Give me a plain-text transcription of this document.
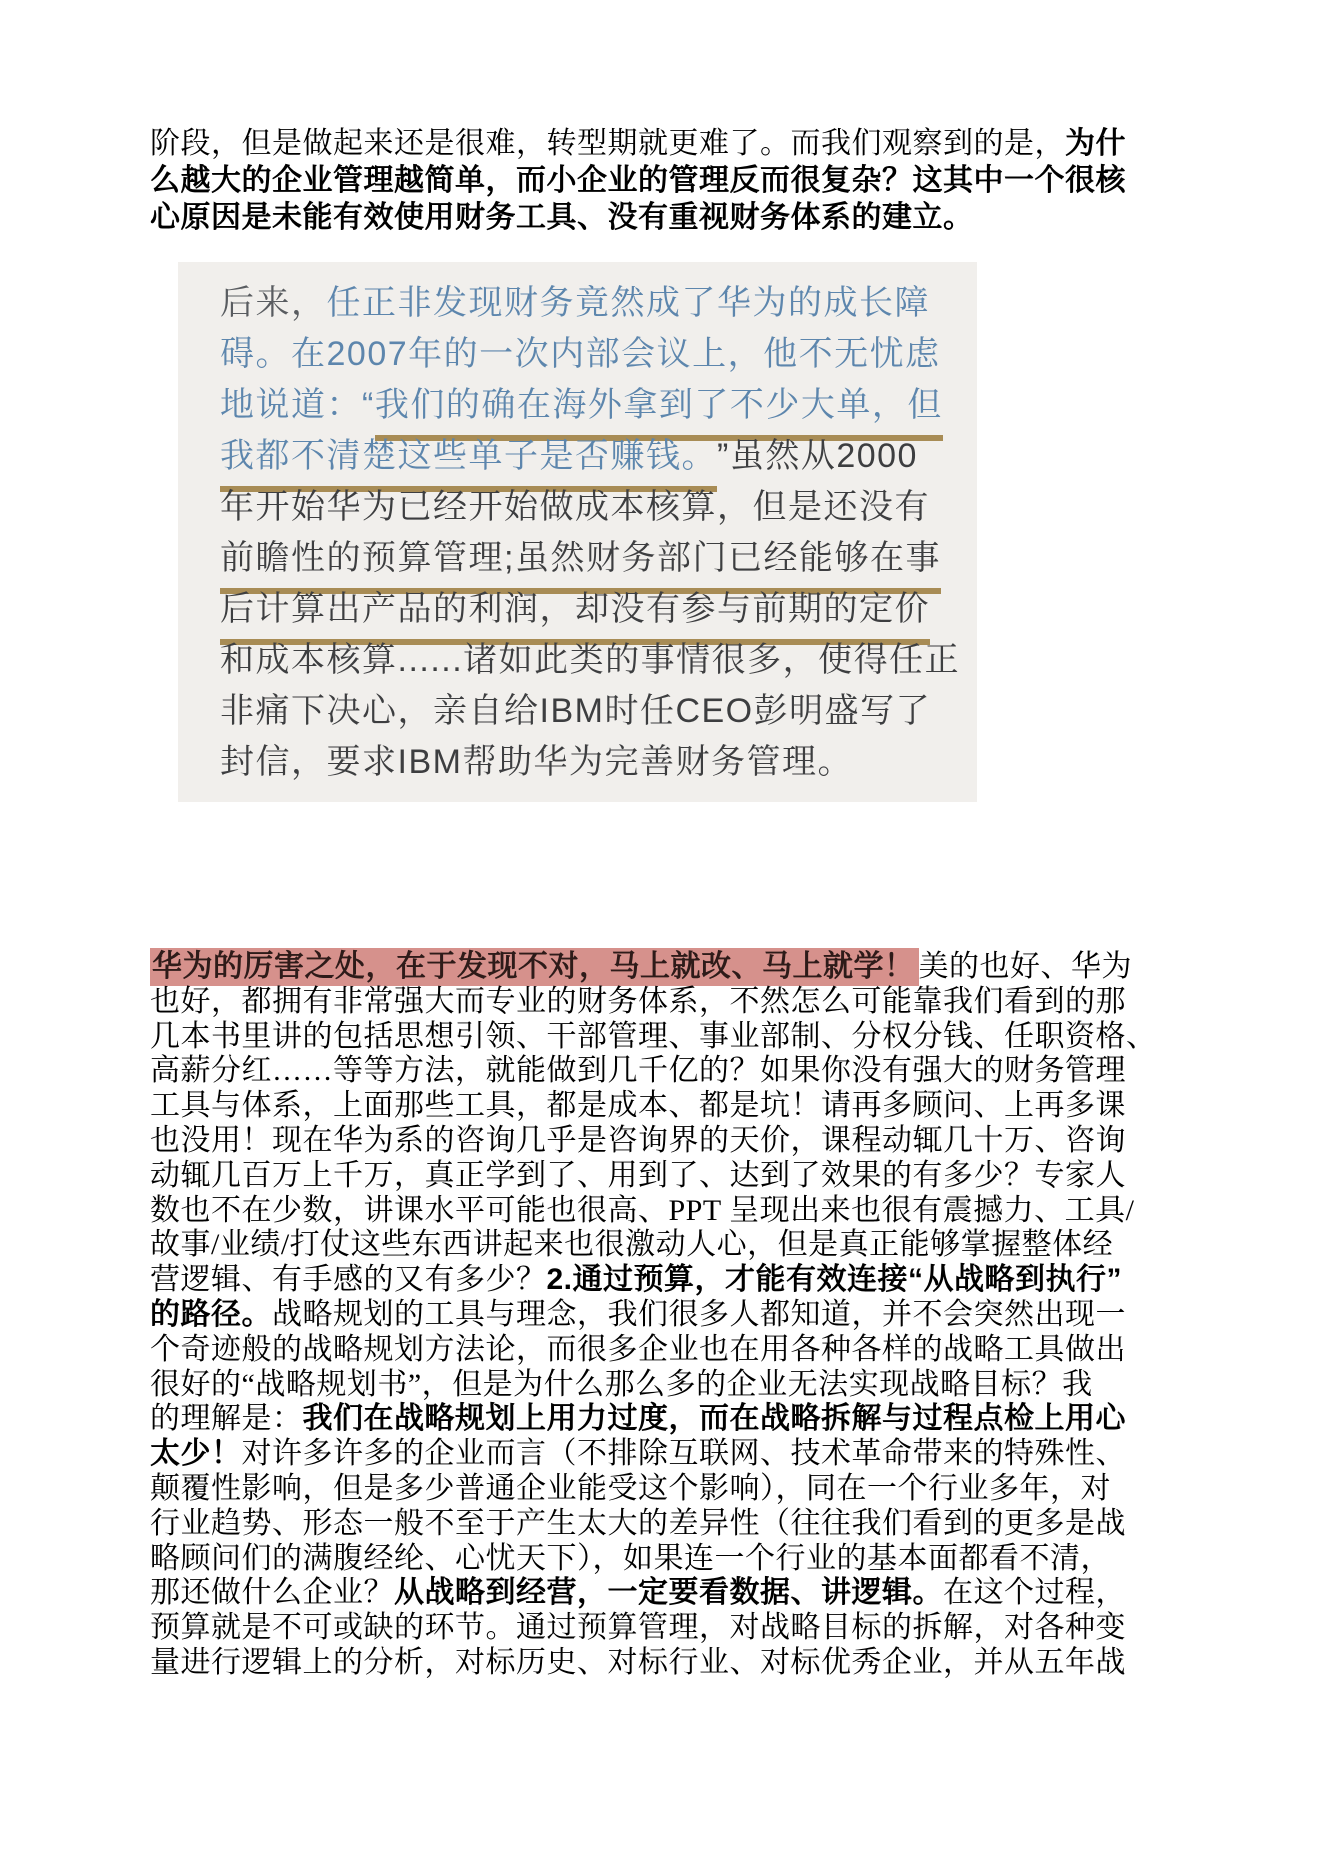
阶段，但是做起来还是很难，转型期就更难了。而我们观察到的是，为什
么越大的企业管理越简单，而小企业的管理反而很复杂？这其中一个很核
心原因是未能有效使用财务工具、没有重视财务体系的建立。
后来，任正非发现财务竟然成了华为的成长障
碍。在2007年的一次内部会议上，他不无忧虑
地说道：“我们的确在海外拿到了不少大单，但
我都不清楚这些单子是否赚钱。”虽然从2000
年开始华为已经开始做成本核算，但是还没有
前瞻性的预算管理;虽然财务部门已经能够在事
后计算出产品的利润，却没有参与前期的定价
和成本核算......诸如此类的事情很多，使得任正
非痛下决心，亲自给IBM时任CEO彭明盛写了
封信，要求IBM帮助华为完善财务管理。
华为的厉害之处，在于发现不对，马上就改、马上就学！ 美的也好、华为
也好，都拥有非常强大而专业的财务体系，不然怎么可能靠我们看到的那
几本书里讲的包括思想引领、干部管理、事业部制、分权分钱、任职资格、
高薪分红……等等方法，就能做到几千亿的？如果你没有强大的财务管理
工具与体系，上面那些工具，都是成本、都是坑！请再多顾问、上再多课
也没用！现在华为系的咨询几乎是咨询界的天价，课程动辄几十万、咨询
动辄几百万上千万，真正学到了、用到了、达到了效果的有多少？专家人
数也不在少数，讲课水平可能也很高、PPT 呈现出来也很有震撼力、工具/
故事/业绩/打仗这些东西讲起来也很激动人心，但是真正能够掌握整体经
营逻辑、有手感的又有多少？2.通过预算，才能有效连接“从战略到执行”
的路径。战略规划的工具与理念，我们很多人都知道，并不会突然出现一
个奇迹般的战略规划方法论，而很多企业也在用各种各样的战略工具做出
很好的“战略规划书”，但是为什么那么多的企业无法实现战略目标？我
的理解是：我们在战略规划上用力过度，而在战略拆解与过程点检上用心
太少！对许多许多的企业而言（不排除互联网、技术革命带来的特殊性、
颠覆性影响，但是多少普通企业能受这个影响），同在一个行业多年，对
行业趋势、形态一般不至于产生太大的差异性（往往我们看到的更多是战
略顾问们的满腹经纶、心忧天下），如果连一个行业的基本面都看不清，
那还做什么企业？从战略到经营，一定要看数据、讲逻辑。在这个过程，
预算就是不可或缺的环节。通过预算管理，对战略目标的拆解，对各种变
量进行逻辑上的分析，对标历史、对标行业、对标优秀企业，并从五年战
